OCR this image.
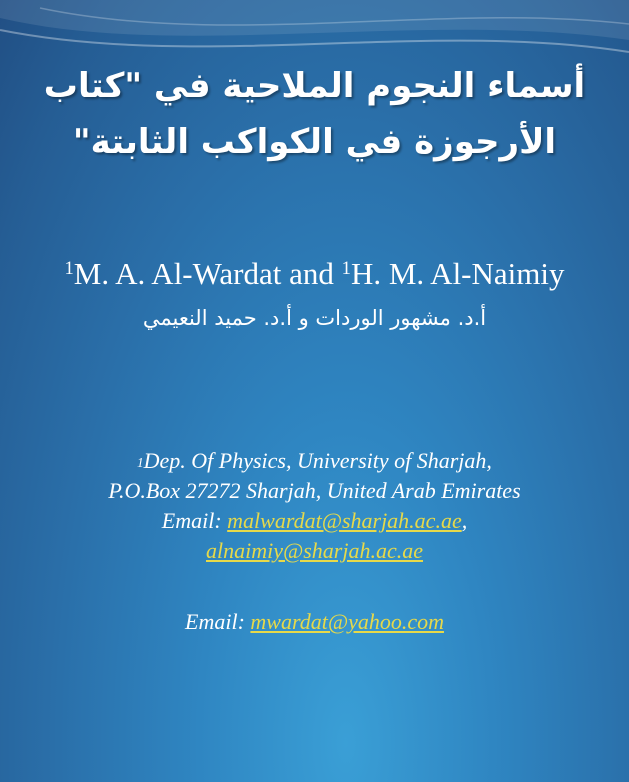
أسماء النجوم الملاحية في "كتاب
الأرجوزة في الكواكب الثابتة"
$^1$M. A. Al-Wardat and $^1$H. M. Al-Naimiy
أ.د. مشهور الوردات و أ.د. حميد النعيمي
$^1$Dep. Of Physics, University of Sharjah,
P.O.Box 27272 Sharjah, United Arab Emirates
Email: malwardat@sharjah.ac.ae,
alnaimiy@sharjah.ac.ae
Email: mwardat@yahoo.com
